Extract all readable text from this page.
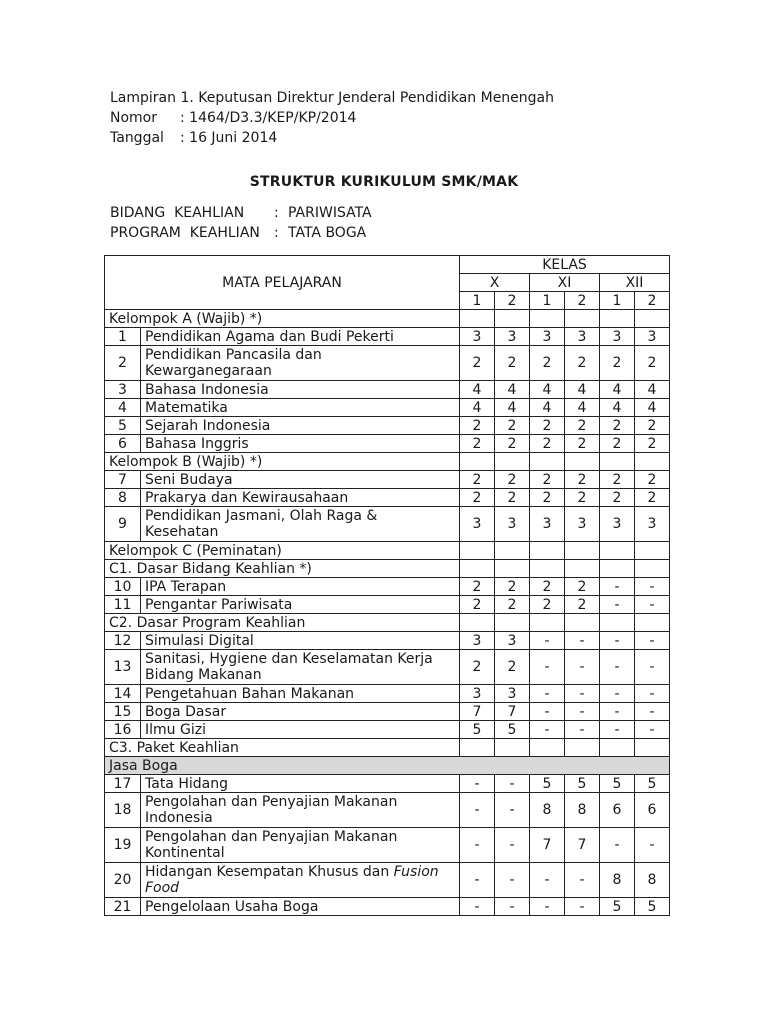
Lampiran 1. Keputusan Direktur Jenderal Pendidikan Menengah
Nomor	: 1464/D3.3/KEP/KP/2014
Tanggal	: 16 Juni 2014
STRUKTUR KURIKULUM SMK/MAK
BIDANG  KEAHLIAN	: PARIWISATA
PROGRAM  KEAHLIAN	: TATA BOGA
MATA PELAJARAN		KELAS					
		X		XI		XII	
		1	2	1	2	1	2
Kelompok A (Wajib) *)							
1	Pendidikan Agama dan Budi Pekerti	3	3	3	3	3	3
2	Pendidikan Pancasila dan
Kewarganegaraan	2	2	2	2	2	2
3	Bahasa Indonesia	4	4	4	4	4	4
4	Matematika	4	4	4	4	4	4
5	Sejarah Indonesia	2	2	2	2	2	2
6	Bahasa Inggris	2	2	2	2	2	2
Kelompok B (Wajib) *)							
7	Seni Budaya	2	2	2	2	2	2
8	Prakarya dan Kewirausahaan	2	2	2	2	2	2
9	Pendidikan Jasmani, Olah Raga &
Kesehatan	3	3	3	3	3	3
Kelompok C (Peminatan)							
C1. Dasar Bidang Keahlian *)							
10	IPA Terapan	2	2	2	2	-	-
11	Pengantar Pariwisata	2	2	2	2	-	-
C2. Dasar Program Keahlian							
12	Simulasi Digital	3	3	-	-	-	-
13	Sanitasi, Hygiene dan Keselamatan Kerja
Bidang Makanan	2	2	-	-	-	-
14	Pengetahuan Bahan Makanan	3	3	-	-	-	-
15	Boga Dasar	7	7	-	-	-	-
16	Ilmu Gizi	5	5	-	-	-	-
C3. Paket Keahlian							
Jasa Boga							
17	Tata Hidang	-	-	5	5	5	5
18	Pengolahan dan Penyajian Makanan
Indonesia	-	-	8	8	6	6
19	Pengolahan dan Penyajian Makanan
Kontinental	-	-	7	7	-	-
20	Hidangan Kesempatan Khusus dan Fusion
Food	-	-	-	-	8	8
21	Pengelolaan Usaha Boga	-	-	-	-	5	5
